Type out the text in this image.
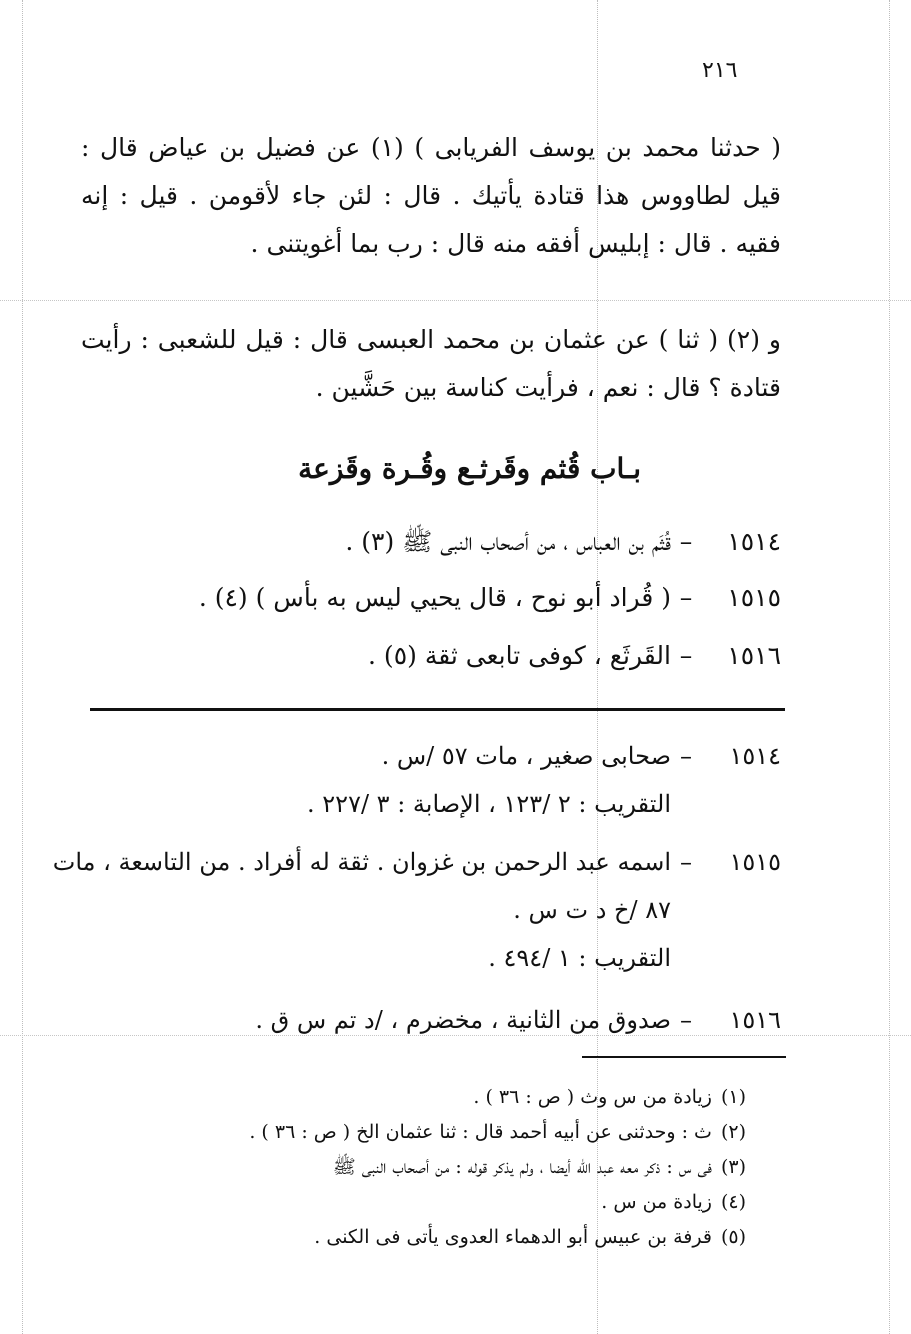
٢١٦
( حدثنا محمد بن يوسف الفريابى ) (١) عن فضيل بن عياض قال : قيل لطاووس هذا قتادة يأتيك . قال : لئن جاء لأقومن . قيل : إنه فقيه . قال : إبليس أفقه منه قال : رب بما أغويتنى .
و (٢) ( ثنا ) عن عثمان بن محمد العبسى قال : قيل للشعبى : رأيت قتادة ؟ قال : نعم ، فرأيت كناسة بين حَشَّين .
بـاب قُثم وقَرثـع وقُـرة وقَزعة
١٥١٤–قُثَم بن العباس ، من أصحاب النبى ﷺ (٣) .
١٥١٥–( قُراد أبو نوح ، قال يحيي ليس به بأس ) (٤) .
١٥١٦–القَرثَع ، كوفى تابعى ثقة (٥) .
١٥١٤–صحابى صغير ، مات ٥٧ /س .
التقريب : ٢ /١٢٣ ، الإصابة : ٣ /٢٢٧ .
١٥١٥–اسمه عبد الرحمن بن غزوان . ثقة له أفراد . من التاسعة ، مات
٨٧ /خ د ت س .
التقريب : ١ /٤٩٤ .
١٥١٦–صدوق من الثانية ، مخضرم ، /د تم س ق .
(١) زيادة من س وث ( ص : ٣٦ ) .
(٢) ث : وحدثنى عن أبيه أحمد قال : ثنا عثمان الخ ( ص : ٣٦ ) .
(٣) فى س : ذكر معه عبد الله أيضا ، ولم يذكر قوله : من أصحاب النبى ﷺ
(٤) زيادة من س .
(٥) قرفة بن عبيس أبو الدهماء العدوى يأتى فى الكنى .
